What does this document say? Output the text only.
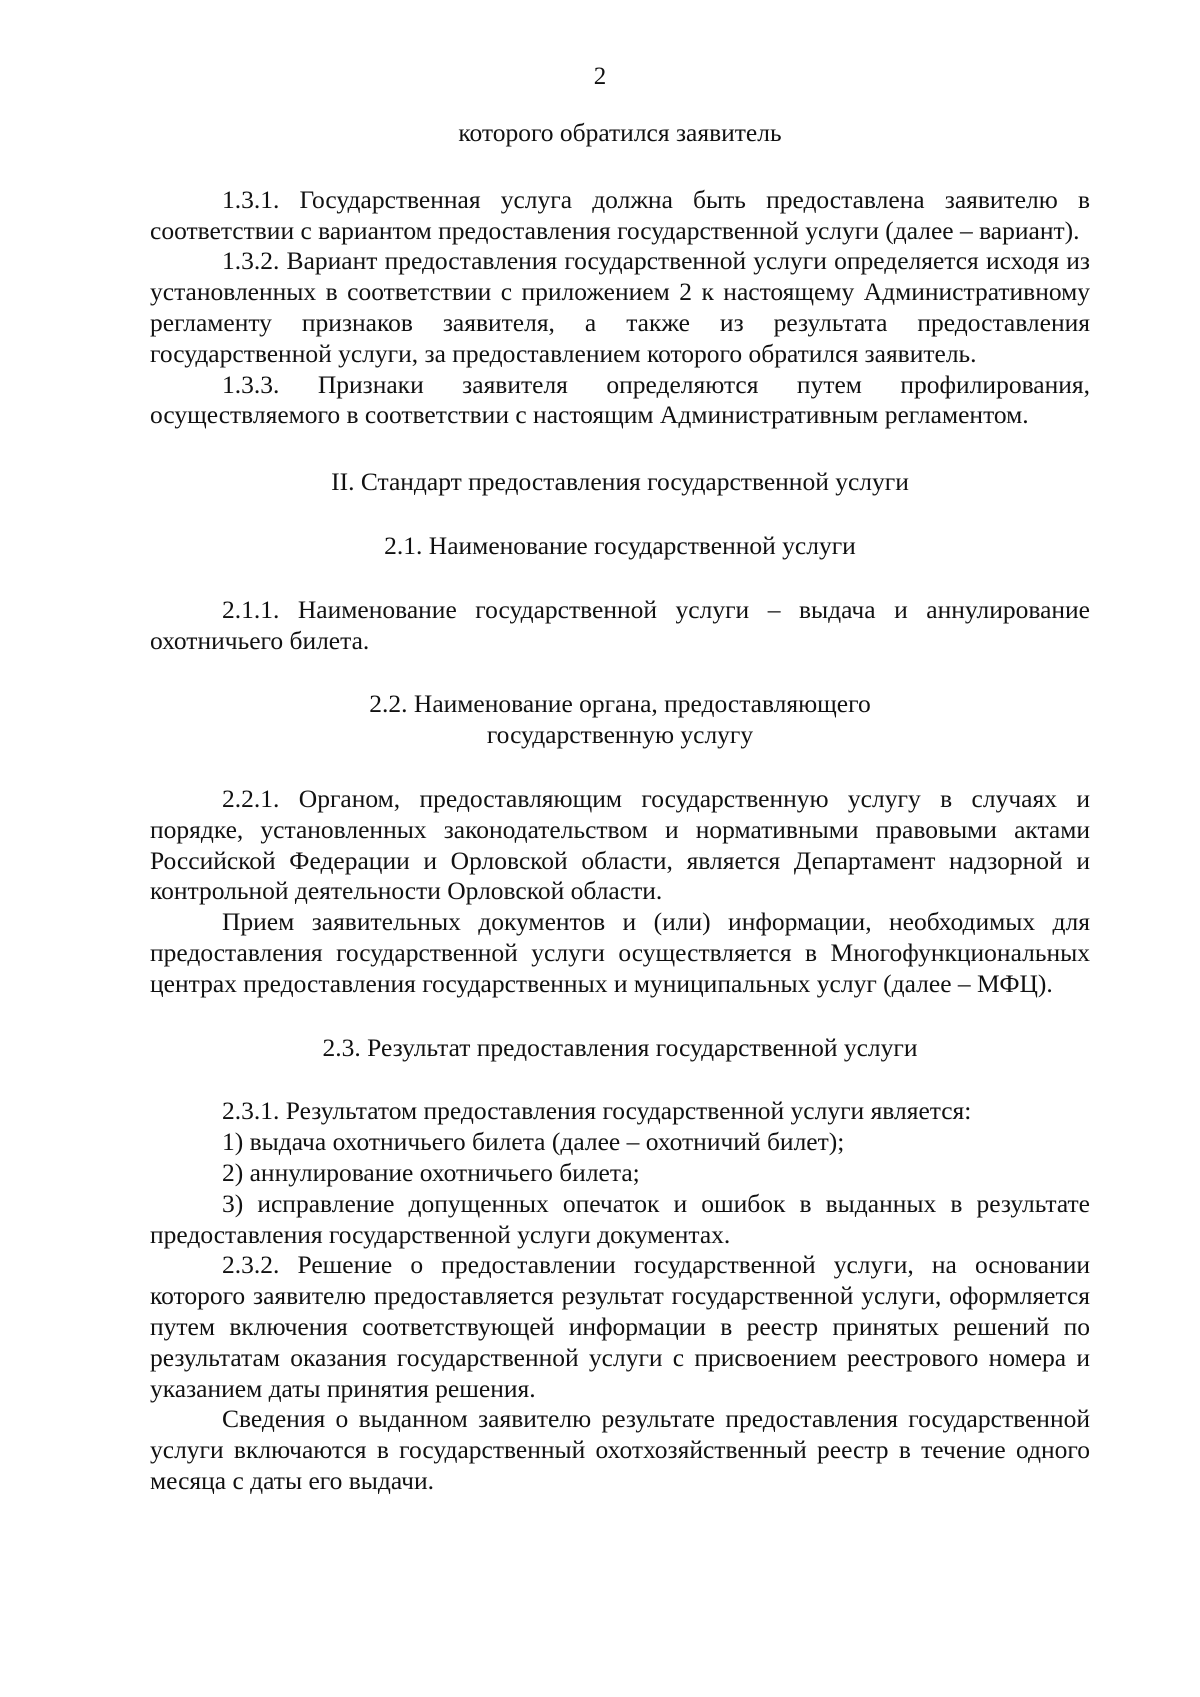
2

которого обратился заявитель

1.3.1. Государственная услуга должна быть предоставлена заявителю в соответствии с вариантом предоставления государственной услуги (далее – вариант).

1.3.2. Вариант предоставления государственной услуги определяется исходя из установленных в соответствии с приложением 2 к настоящему Административному регламенту признаков заявителя, а также из результата предоставления государственной услуги, за предоставлением которого обратился заявитель.

1.3.3. Признаки заявителя определяются путем профилирования, осуществляемого в соответствии с настоящим Административным регламентом.

II. Стандарт предоставления государственной услуги

2.1. Наименование государственной услуги

2.1.1. Наименование государственной услуги – выдача и аннулирование охотничьего билета.

2.2. Наименование органа, предоставляющего

государственную услугу

2.2.1. Органом, предоставляющим государственную услугу в случаях и порядке, установленных законодательством и нормативными правовыми актами Российской Федерации и Орловской области, является Департамент надзорной и контрольной деятельности Орловской области.

Прием заявительных документов и (или) информации, необходимых для предоставления государственной услуги осуществляется в Многофункциональных центрах предоставления государственных и муниципальных услуг (далее – МФЦ).

2.3. Результат предоставления государственной услуги

2.3.1. Результатом предоставления государственной услуги является:

1) выдача охотничьего билета (далее – охотничий билет);

2) аннулирование охотничьего билета;

3) исправление допущенных опечаток и ошибок в выданных в результате предоставления государственной услуги документах.

2.3.2. Решение о предоставлении государственной услуги, на основании которого заявителю предоставляется результат государственной услуги, оформляется путем включения соответствующей информации в реестр принятых решений по результатам оказания государственной услуги с присвоением реестрового номера и указанием даты принятия решения.

Сведения о выданном заявителю результате предоставления государственной услуги включаются в государственный охотхозяйственный реестр в течение одного месяца с даты его выдачи.
